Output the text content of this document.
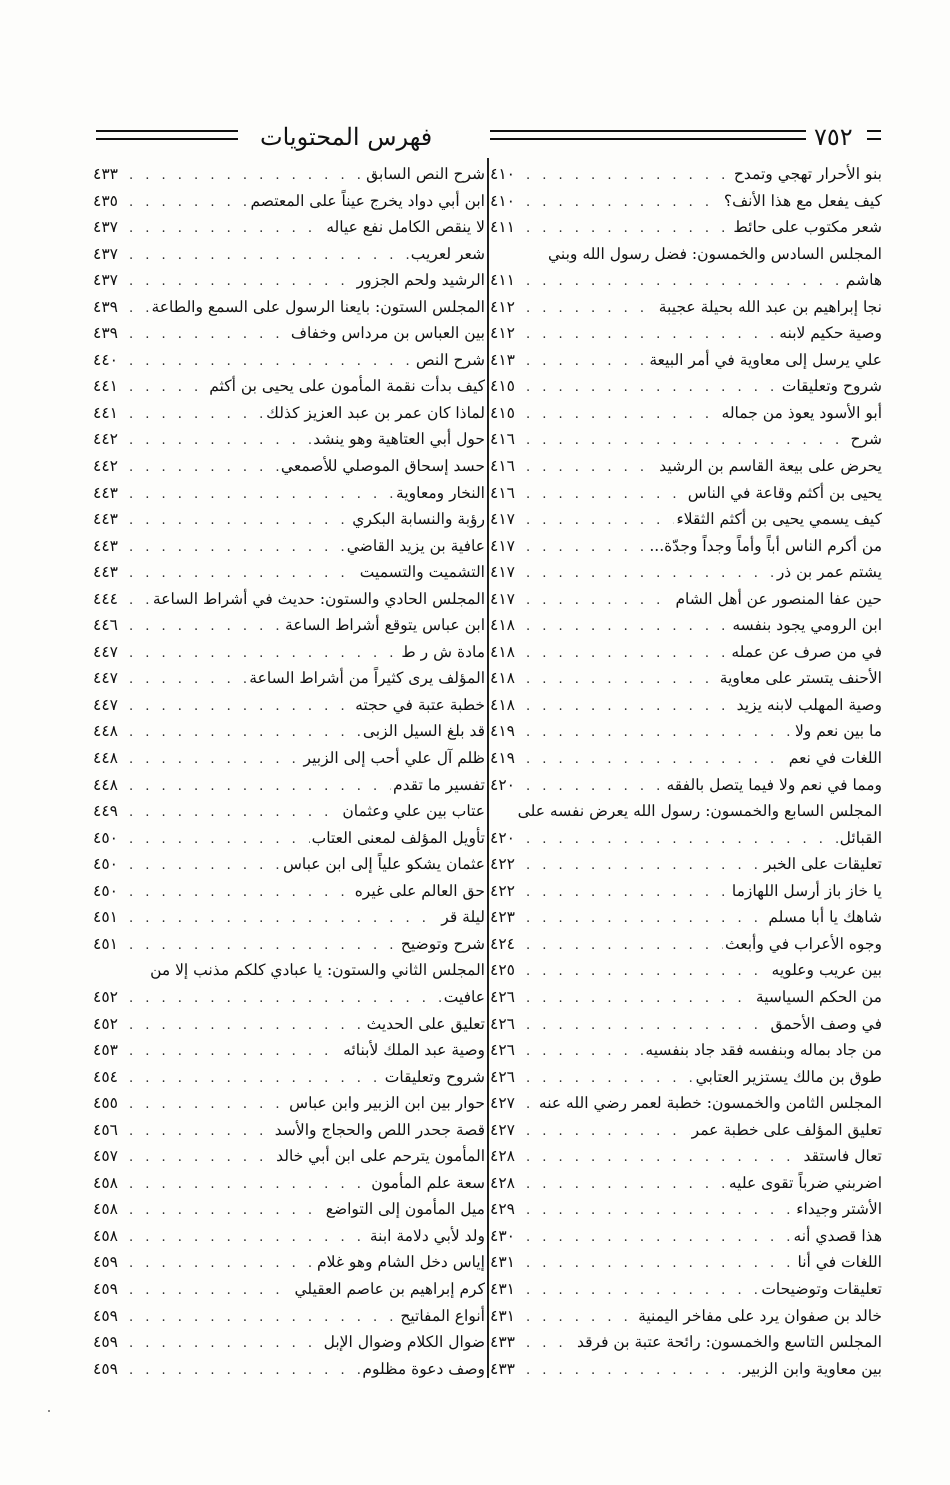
فهرس المحتويات	٧٥٢
بنو الأحرار تهجي وتمدح
. . .
٤١٠
كيف يفعل مع هذا الأنف؟
. . .
٤١٠
شعر مكتوب على حائط
. . .
٤١١
المجلس السادس والخمسون: فضل رسول الله وبني
هاشم
. . .
٤١١
نجا إبراهيم بن عبد الله بحيلة عجيبة
. . .
٤١٢
وصية حكيم لابنه
. . .
٤١٢
علي يرسل إلى معاوية في أمر البيعة
. . .
٤١٣
شروح وتعليقات
. . .
٤١٥
أبو الأسود يعوذ من جماله
. . .
٤١٥
شرح
. . .
٤١٦
يحرض على بيعة القاسم بن الرشيد
. . .
٤١٦
يحيى بن أكثم وقاعة في الناس
. . .
٤١٦
كيف يسمي يحيى بن أكثم الثقلاء
. . .
٤١٧
من أكرم الناس أباً وأماً وجداً وجدّة...
. . .
٤١٧
يشتم عمر بن ذر
. . .
٤١٧
حين عفا المنصور عن أهل الشام
. . .
٤١٧
ابن الرومي يجود بنفسه
. . .
٤١٨
في من صرف عن عمله
. . .
٤١٨
الأحنف يتستر على معاوية
. . .
٤١٨
وصية المهلب لابنه يزيد
. . .
٤١٨
ما بين نعم ولا
. . .
٤١٩
اللغات في نعم
. . .
٤١٩
ومما في نعم ولا فيما يتصل بالفقه
. . .
٤٢٠
المجلس السابع والخمسون: رسول الله يعرض نفسه على
القبائل
. . .
٤٢٠
تعليقات على الخبر
. . .
٤٢٢
يا خاز باز أرسل اللهازما
. . .
٤٢٢
شاهك يا أبا مسلم
. . .
٤٢٣
وجوه الأعراب في وأبعث
. . .
٤٢٤
بين عريب وعلويه
. . .
٤٢٥
من الحكم السياسية
. . .
٤٢٦
في وصف الأحمق
. . .
٤٢٦
من جاد بماله وبنفسه فقد جاد بنفسيه
. . .
٤٢٦
طوق بن مالك يستزير العتابي
. . .
٤٢٦
المجلس الثامن والخمسون: خطبة لعمر رضي الله عنه
. . .
٤٢٧
تعليق المؤلف على خطبة عمر
. . .
٤٢٧
تعال فاستقد
. . .
٤٢٨
اضربني ضرباً تقوى عليه
. . .
٤٢٨
الأشتر وجيداء
. . .
٤٢٩
هذا قصدي أنه
. . .
٤٣٠
اللغات في أنا
. . .
٤٣١
تعليقات وتوضيحات
. . .
٤٣١
خالد بن صفوان يرد على مفاخر اليمنية
. . .
٤٣١
المجلس التاسع والخمسون: رائحة عتبة بن فرقد
. . .
٤٣٣
بين معاوية وابن الزبير
. . .
٤٣٣
شرح النص السابق
. . .
٤٣٣
ابن أبي دواد يخرج عيناً على المعتصم
. . .
٤٣٥
لا ينقص الكامل نفع عياله
. . .
٤٣٧
شعر لعريب
. . .
٤٣٧
الرشيد ولحم الجزور
. . .
٤٣٧
المجلس الستون: بايعنا الرسول على السمع والطاعة
. . .
٤٣٩
بين العباس بن مرداس وخفاف
. . .
٤٣٩
شرح النص
. . .
٤٤٠
كيف بدأت نقمة المأمون على يحيى بن أكثم
. . .
٤٤١
لماذا كان عمر بن عبد العزيز كذلك
. . .
٤٤١
حول أبي العتاهية وهو ينشد
. . .
٤٤٢
حسد إسحاق الموصلي للأصمعي
. . .
٤٤٢
النخار ومعاوية
. . .
٤٤٣
رؤبة والنسابة البكري
. . .
٤٤٣
عافية بن يزيد القاضي
. . .
٤٤٣
التشميت والتسميت
. . .
٤٤٣
المجلس الحادي والستون: حديث في أشراط الساعة
. . .
٤٤٤
ابن عباس يتوقع أشراط الساعة
. . .
٤٤٦
مادة ش ر ط
. . .
٤٤٧
المؤلف يرى كثيراً من أشراط الساعة
. . .
٤٤٧
خطبة عتبة في حجته
. . .
٤٤٧
قد بلغ السيل الزبى
. . .
٤٤٨
ظلم آل علي أحب إلى الزبير
. . .
٤٤٨
تفسير ما تقدم
. . .
٤٤٨
عتاب بين علي وعثمان
. . .
٤٤٩
تأويل المؤلف لمعنى العتاب
. . .
٤٥٠
عثمان يشكو علياً إلى ابن عباس
. . .
٤٥٠
حق العالم على غيره
. . .
٤٥٠
ليلة قر
. . .
٤٥١
شرح وتوضيح
. . .
٤٥١
المجلس الثاني والستون: يا عبادي كلكم مذنب إلا من
عافيت
. . .
٤٥٢
تعليق على الحديث
. . .
٤٥٢
وصية عبد الملك لأبنائه
. . .
٤٥٣
شروح وتعليقات
. . .
٤٥٤
حوار بين ابن الزبير وابن عباس
. . .
٤٥٥
قصة جحدر اللص والحجاج والأسد
. . .
٤٥٦
المأمون يترحم على ابن أبي خالد
. . .
٤٥٧
سعة علم المأمون
. . .
٤٥٨
ميل المأمون إلى التواضع
. . .
٤٥٨
ولد لأبي دلامة ابنة
. . .
٤٥٨
إياس دخل الشام وهو غلام
. . .
٤٥٩
كرم إبراهيم بن عاصم العقيلي
. . .
٤٥٩
أنواع المفاتيح
. . .
٤٥٩
ضوال الكلام وضوال الإبل
. . .
٤٥٩
وصف دعوة مظلوم
. . .
٤٥٩
